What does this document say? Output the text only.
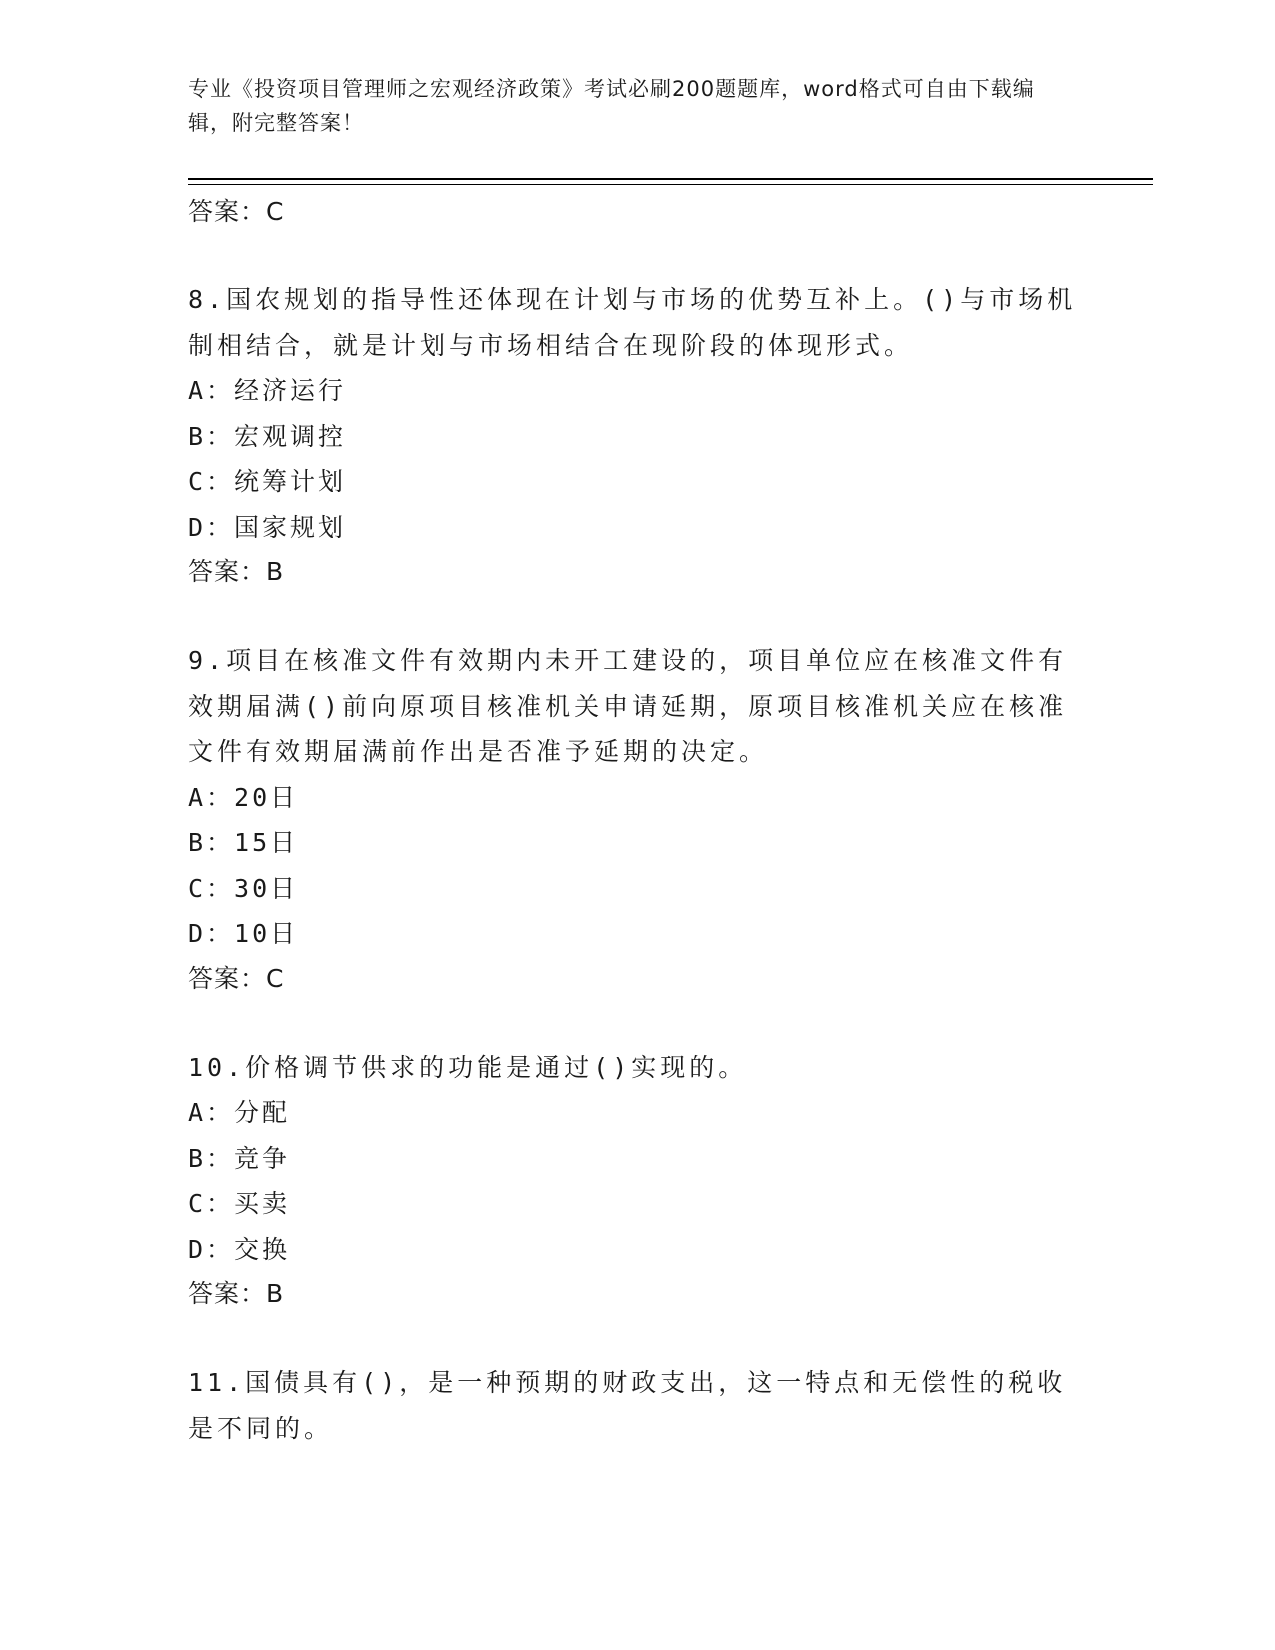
专业《投资项目管理师之宏观经济政策》考试必刷200题题库，word格式可自由下载编辑，附完整答案！

答案：C

8.国农规划的指导性还体现在计划与市场的优势互补上。()与市场机制相结合，就是计划与市场相结合在现阶段的体现形式。

A：经济运行

B：宏观调控

C：统筹计划

D：国家规划

答案：B

9.项目在核准文件有效期内未开工建设的，项目单位应在核准文件有效期届满()前向原项目核准机关申请延期，原项目核准机关应在核准文件有效期届满前作出是否准予延期的决定。

A：20日

B：15日

C：30日

D：10日

答案：C

10.价格调节供求的功能是通过()实现的。

A：分配

B：竞争

C：买卖

D：交换

答案：B

11.国债具有()，是一种预期的财政支出，这一特点和无偿性的税收是不同的。
